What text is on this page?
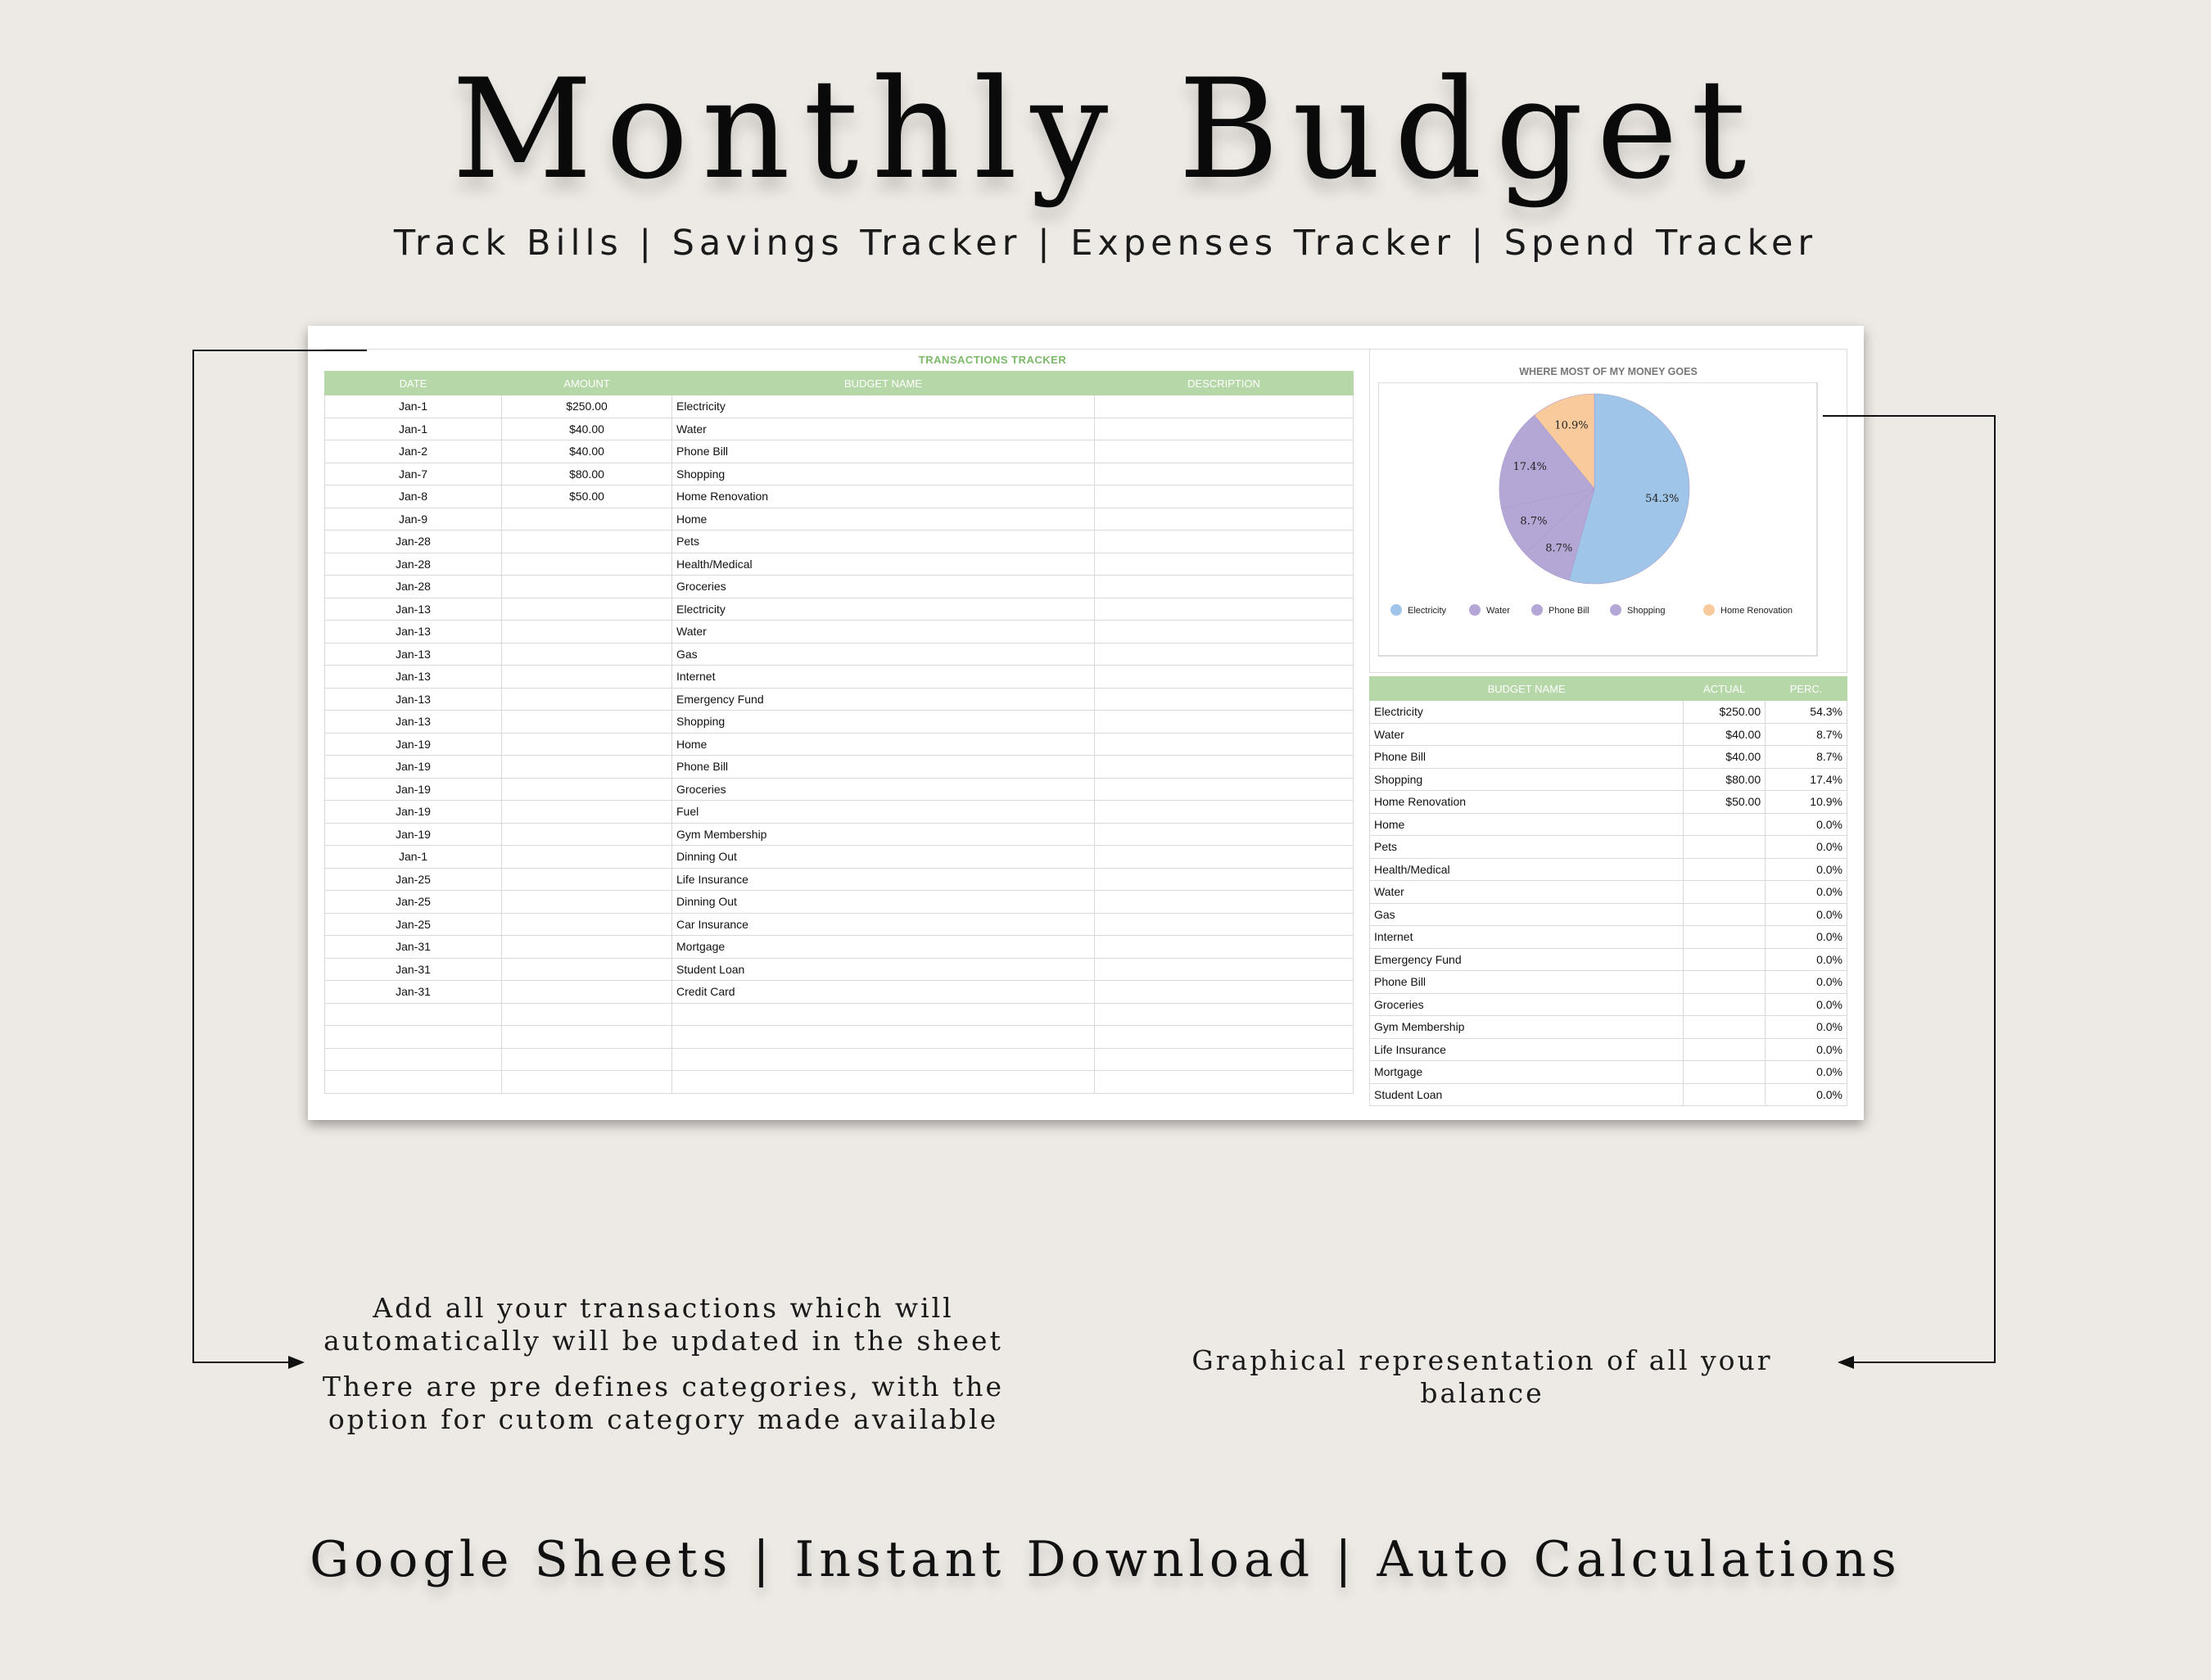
Monthly Budget
Track Bills | Savings Tracker | Expenses Tracker | Spend Tracker
TRANSACTIONS TRACKER
DATE	AMOUNT	BUDGET NAME	DESCRIPTION
Jan-1	$250.00	Electricity	
Jan-1	$40.00	Water	
Jan-2	$40.00	Phone Bill	
Jan-7	$80.00	Shopping	
Jan-8	$50.00	Home Renovation	
Jan-9		Home	
Jan-28		Pets	
Jan-28		Health/Medical	
Jan-28		Groceries	
Jan-13		Electricity	
Jan-13		Water	
Jan-13		Gas	
Jan-13		Internet	
Jan-13		Emergency Fund	
Jan-13		Shopping	
Jan-19		Home	
Jan-19		Phone Bill	
Jan-19		Groceries	
Jan-19		Fuel	
Jan-19		Gym Membership	
Jan-1		Dinning Out	
Jan-25		Life Insurance	
Jan-25		Dinning Out	
Jan-25		Car Insurance	
Jan-31		Mortgage	
Jan-31		Student Loan	
Jan-31		Credit Card	

WHERE MOST OF MY MONEY GOES
54.3%
8.7%
8.7%
17.4%
10.9%
Electricity	Water	Phone Bill	Shopping	Home Renovation
BUDGET NAME	ACTUAL	PERC.
Electricity	$250.00	54.3%
Water	$40.00	8.7%
Phone Bill	$40.00	8.7%
Shopping	$80.00	17.4%
Home Renovation	$50.00	10.9%
Home		0.0%
Pets		0.0%
Health/Medical		0.0%
Water		0.0%
Gas		0.0%
Internet		0.0%
Emergency Fund		0.0%
Phone Bill		0.0%
Groceries		0.0%
Gym Membership		0.0%
Life Insurance		0.0%
Mortgage		0.0%
Student Loan		0.0%
Add all your transactions which will
automatically will be updated in the sheet
There are pre defines categories, with the
option for cutom category made available
Graphical representation of all your balance
Google Sheets | Instant Download | Auto Calculations
